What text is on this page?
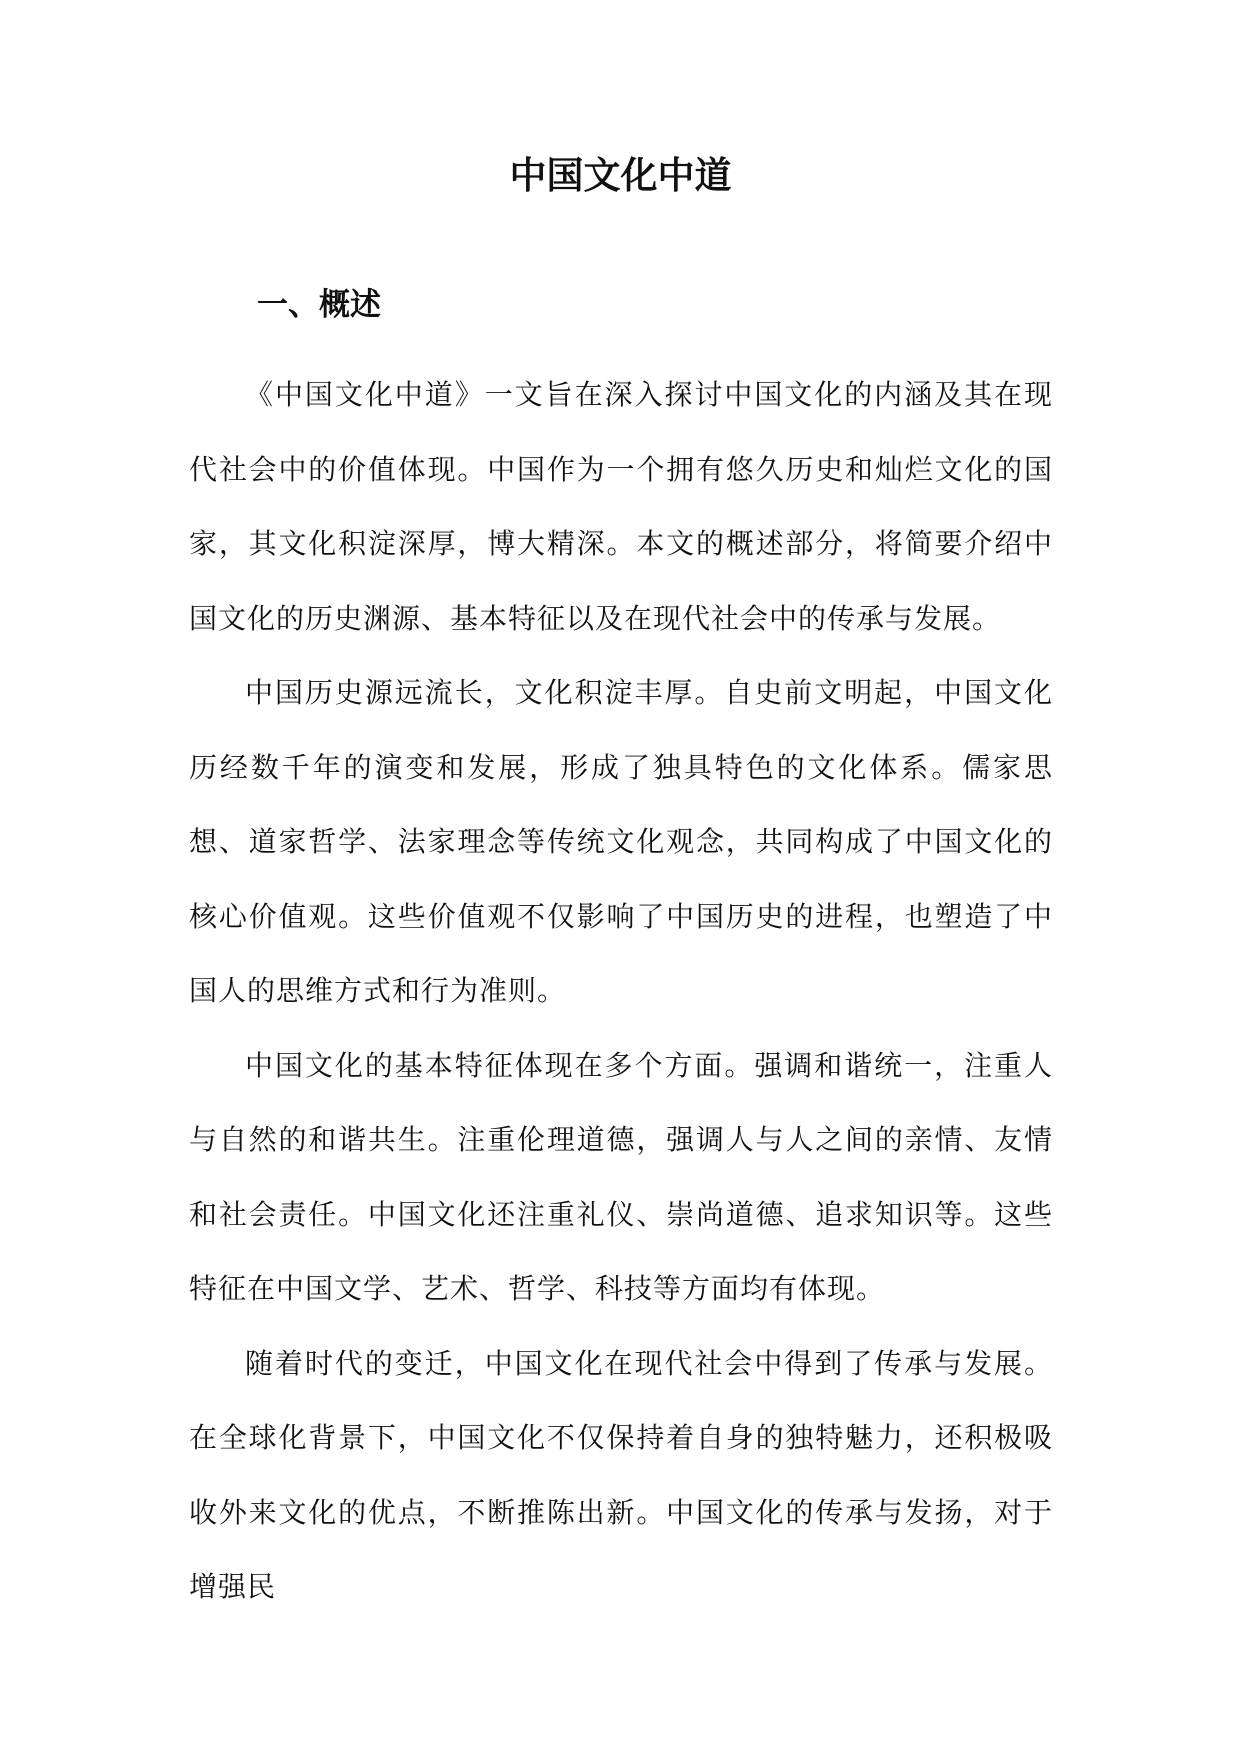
中国文化中道
一、概述

《中国文化中道》一文旨在深入探讨中国文化的内涵及其在现代社会中的价值体现。中国作为一个拥有悠久历史和灿烂文化的国家，其文化积淀深厚，博大精深。本文的概述部分，将简要介绍中国文化的历史渊源、基本特征以及在现代社会中的传承与发展。

中国历史源远流长，文化积淀丰厚。自史前文明起，中国文化历经数千年的演变和发展，形成了独具特色的文化体系。儒家思想、道家哲学、法家理念等传统文化观念，共同构成了中国文化的核心价值观。这些价值观不仅影响了中国历史的进程，也塑造了中国人的思维方式和行为准则。

中国文化的基本特征体现在多个方面。强调和谐统一，注重人与自然的和谐共生。注重伦理道德，强调人与人之间的亲情、友情和社会责任。中国文化还注重礼仪、崇尚道德、追求知识等。这些特征在中国文学、艺术、哲学、科技等方面均有体现。

随着时代的变迁，中国文化在现代社会中得到了传承与发展。在全球化背景下，中国文化不仅保持着自身的独特魅力，还积极吸收外来文化的优点，不断推陈出新。中国文化的传承与发扬，对于增强民
